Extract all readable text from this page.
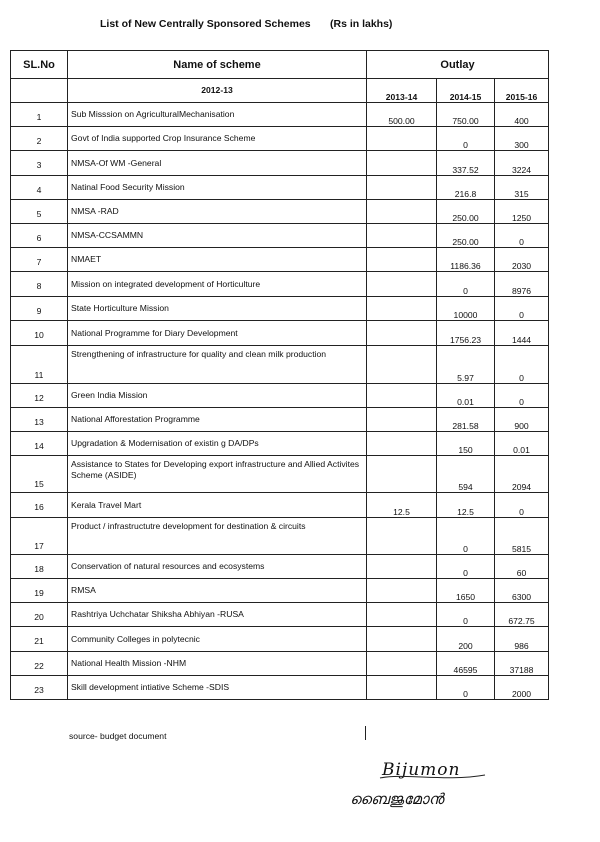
List of New Centrally Sponsored Schemes (Rs in lakhs)
SL.No	Name of scheme	Outlay		
	2012-13	2013-14	2014-15	2015-16
1	Sub Misssion on AgriculturalMechanisation	500.00	750.00	400
2	Govt of India supported Crop Insurance Scheme		0	300
3	NMSA-Of WM -General		337.52	3224
4	Natinal Food Security Mission		216.8	315
5	NMSA -RAD		250.00	1250
6	NMSA-CCSAMMN		250.00	0
7	NMAET		1186.36	2030
8	Mission on integrated development of Horticulture		0	8976
9	State Horticulture Mission		10000	0
10	National Programme for Diary Development		1756.23	1444
11	Strengthening of infrastructure for quality and clean milk production		5.97	0
12	Green India Mission		0.01	0
13	National Afforestation Programme		281.58	900
14	Upgradation & Modernisation of existin g DA/DPs		150	0.01
15	Assistance to States for Developing export infrastructure and Allied Activites Scheme (ASIDE)		594	2094
16	Kerala Travel Mart	12.5	12.5	0
17	Product / infrastructutre development for destination & circuits		0	5815
18	Conservation of natural resources and ecosystems		0	60
19	RMSA		1650	6300
20	Rashtriya Uchchatar Shiksha Abhiyan -RUSA		0	672.75
21	Community Colleges in polytecnic		200	986
22	National Health Mission -NHM		46595	37188
23	Skill development intiative Scheme -SDIS		0	2000
source- budget document
Bijumon
ബൈജുമോൻ
